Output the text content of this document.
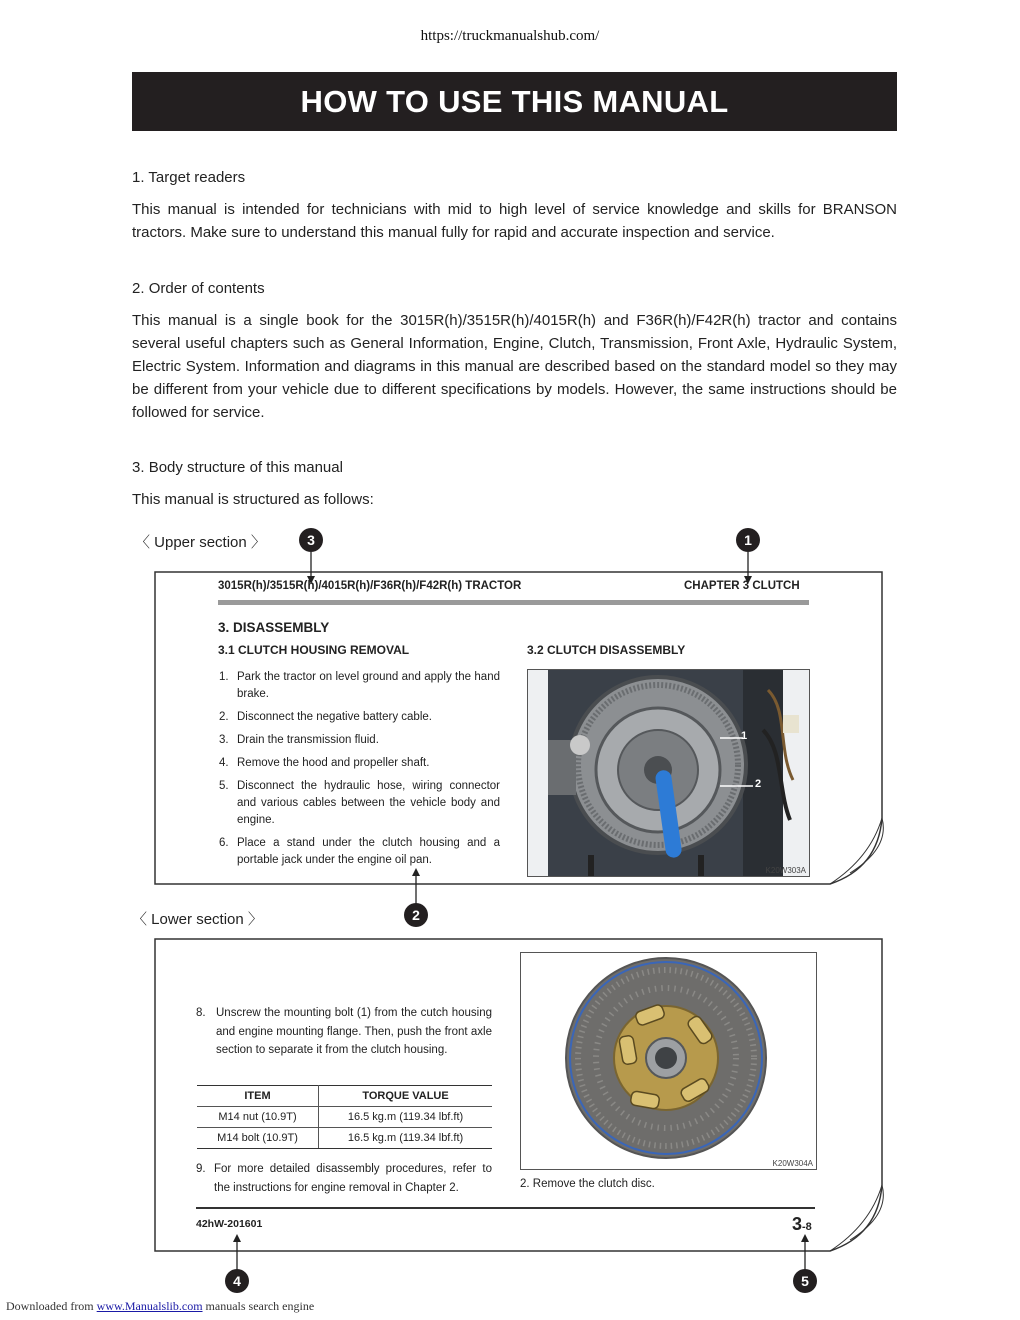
https://truckmanualshub.com/
HOW TO USE THIS MANUAL
1. Target readers
This manual is intended for technicians with mid to high level of service knowledge and skills for BRANSON tractors. Make sure to understand this manual fully for rapid and accurate inspection and service.
2. Order of contents
This manual is a single book for the 3015R(h)/3515R(h)/4015R(h) and F36R(h)/F42R(h) tractor and contains several useful chapters such as General Information, Engine, Clutch, Transmission, Front Axle, Hydraulic System, Electric System. Information and diagrams in this manual are described based on the standard model so they may be different from your vehicle due to different specifications by models. However, the same instructions should be followed for service.
3. Body structure of this manual
This manual is structured as follows:
〈 Upper section 〉	3	1
3015R(h)/3515R(h)/4015R(h)/F36R(h)/F42R(h) TRACTOR	CHAPTER 3 CLUTCH
3. DISASSEMBLY
3.1 CLUTCH HOUSING REMOVAL	3.2 CLUTCH DISASSEMBLY
1. Park the tractor on level ground and apply the hand brake.
2. Disconnect the negative battery cable.
3. Drain the transmission fluid.
4. Remove the hood and propeller shaft.
5. Disconnect the hydraulic hose, wiring connector and various cables between the vehicle body and engine.
6. Place a stand under the clutch housing and a portable jack under the engine oil pan.
1
2
K20W303A
2
〈 Lower section 〉
8. Unscrew the mounting bolt (1) from the cutch housing and engine mounting flange. Then, push the front axle section to separate it from the clutch housing.
ITEM	TORQUE VALUE
M14 nut (10.9T)	16.5 kg.m (119.34 lbf.ft)
M14 bolt (10.9T)	16.5 kg.m (119.34 lbf.ft)
9. For more detailed disassembly procedures, refer to the instructions for engine removal in Chapter 2.
K20W304A
2. Remove the clutch disc.
42hW-201601	3-8
4	5
Downloaded from www.Manualslib.com manuals search engine
